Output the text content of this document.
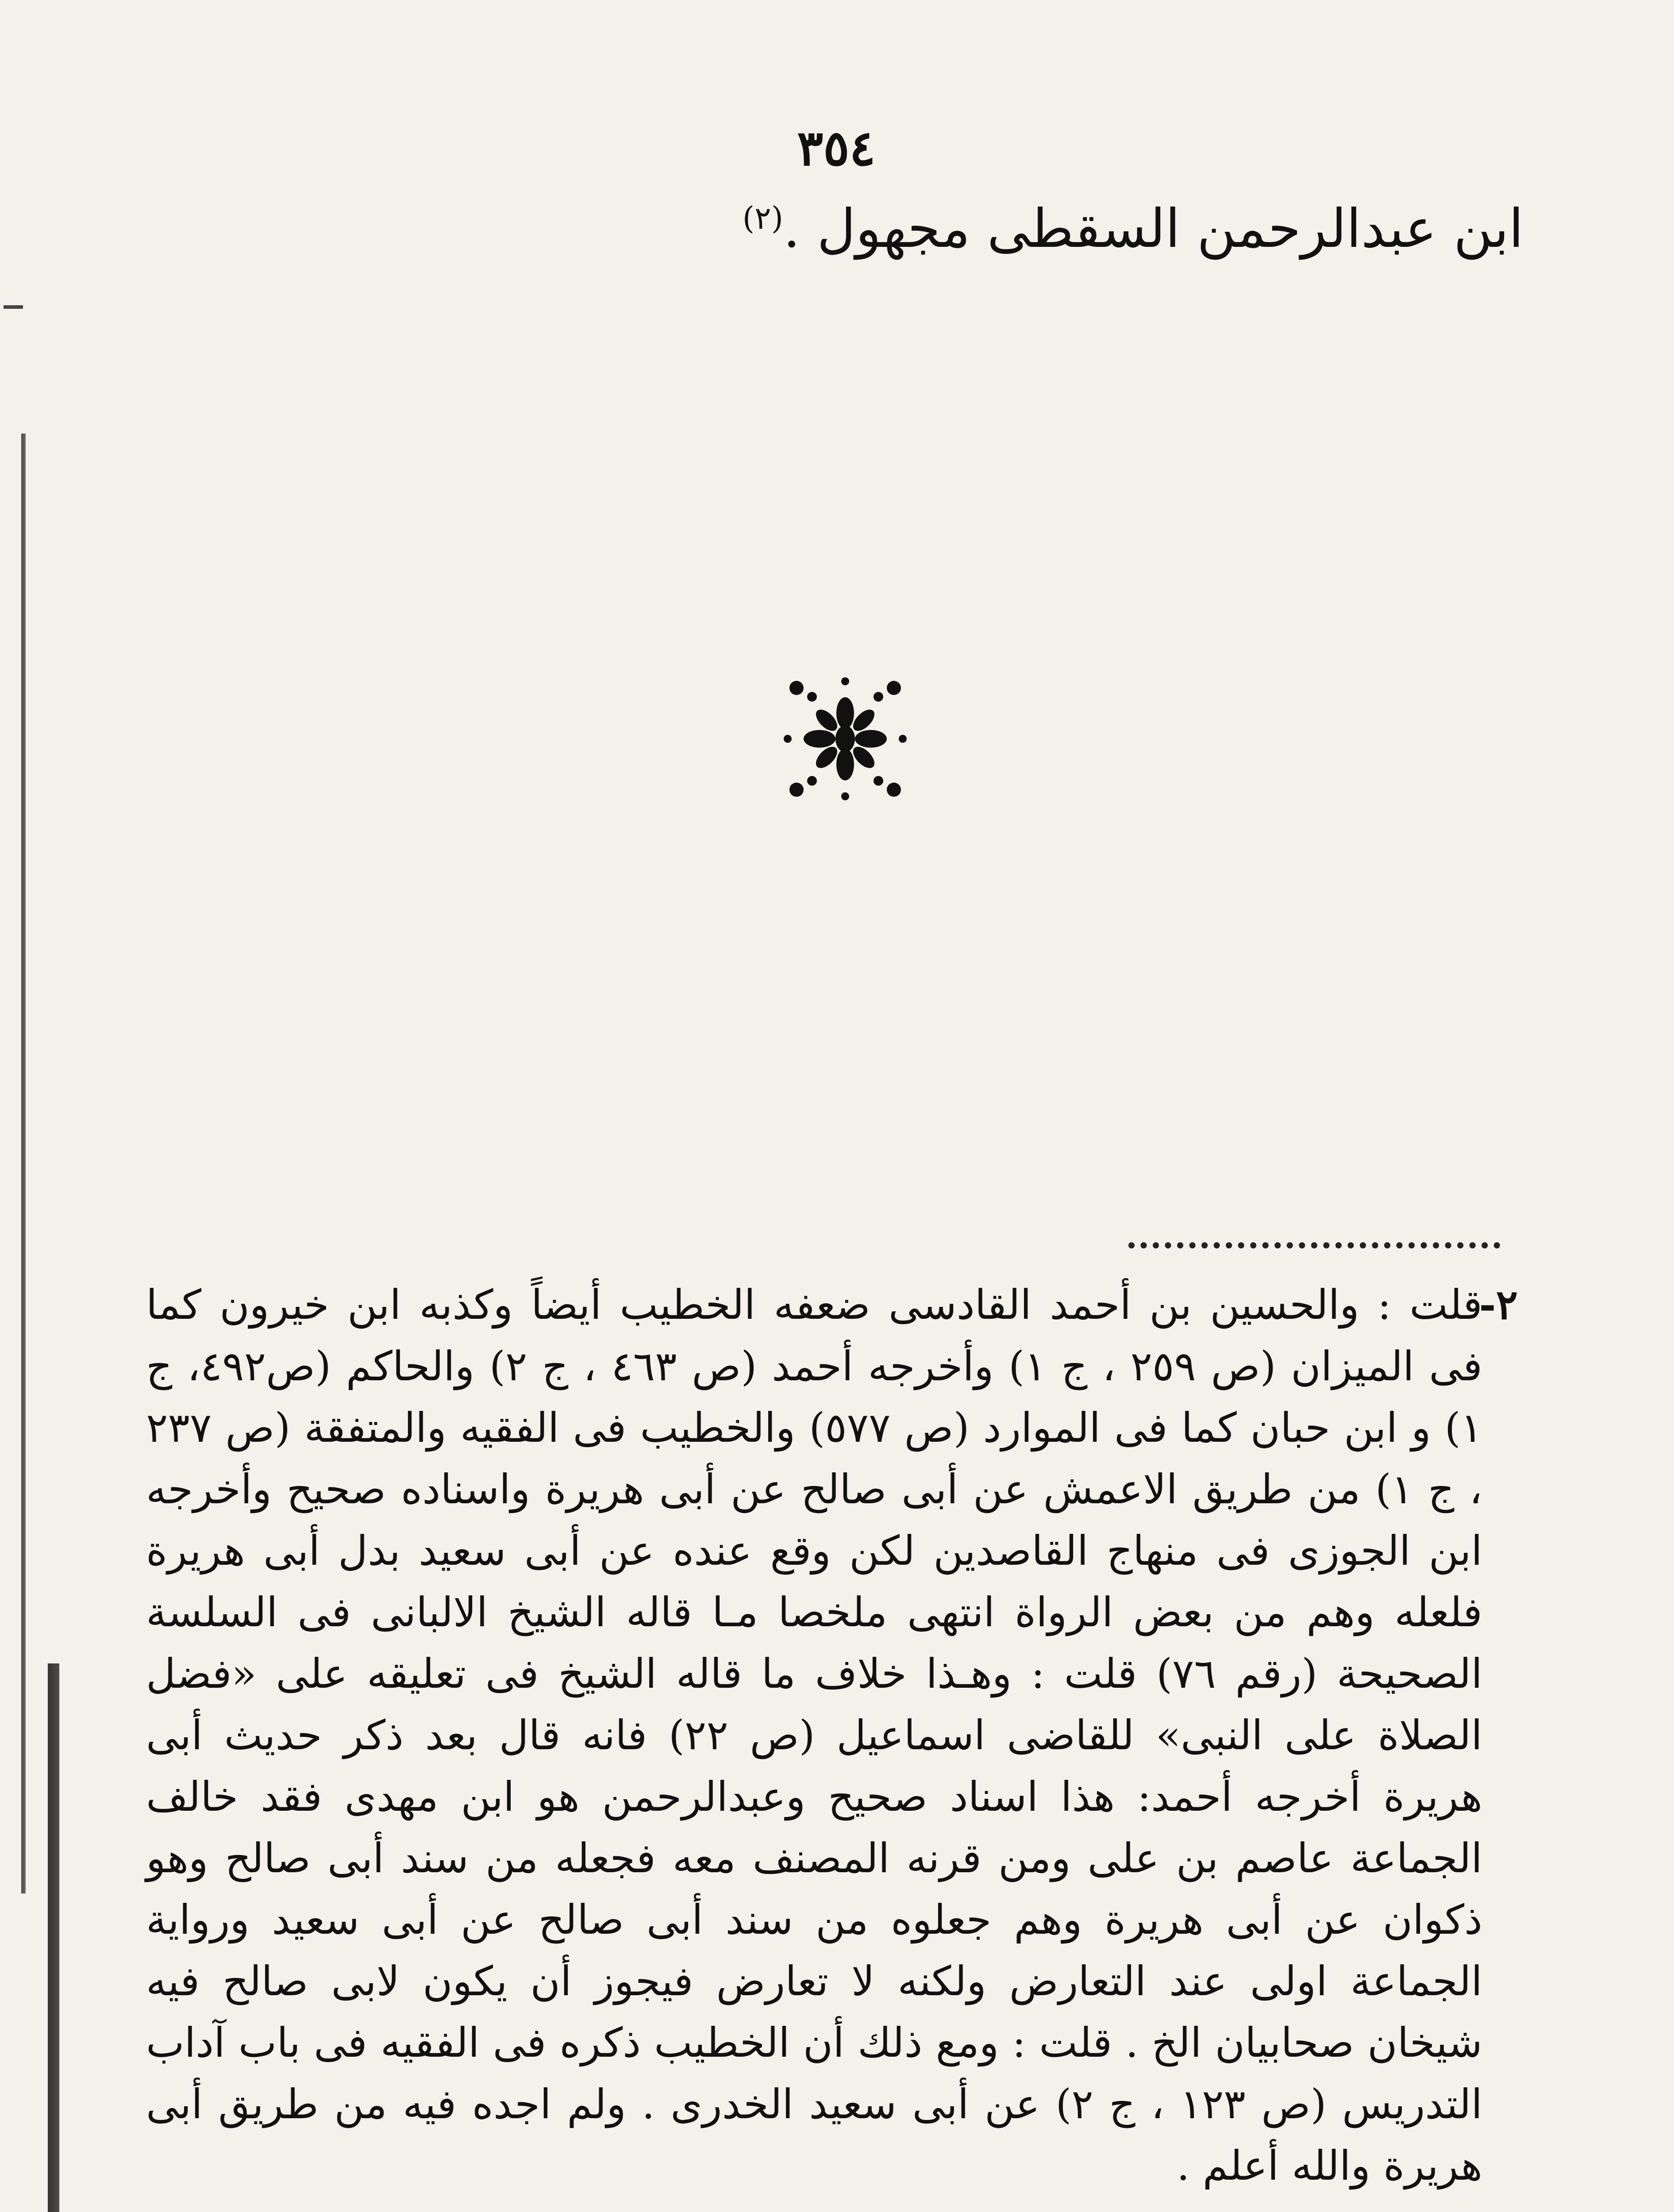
٣٥٤
ابن عبدالرحمن السقطى مجهول .$^{(٢)}$
٢-

قلت : والحسين بن أحمد القادسى ضعفه الخطيب أيضاً وكذبه ابن خيرون كما فى الميزان (ص ٢٥٩ ، ج ١) وأخرجه أحمد (ص ٤٦٣ ، ج ٢) والحاكم (ص٤٩٢، ج ١) و ابن حبان كما فى الموارد (ص ٥٧٧) والخطيب فى الفقيه والمتفقة (ص ٢٣٧ ، ج ١) من طريق الاعمش عن أبى صالح عن أبى هريرة واسناده صحيح وأخرجه ابن الجوزى فى منهاج القاصدين لكن وقع عنده عن أبى سعيد بدل أبى هريرة فلعله وهم من بعض الرواة انتهى ملخصا مـا قاله الشيخ الالبانى فى السلسة الصحيحة (رقم ٧٦) قلت : وهـذا خلاف ما قاله الشيخ فى تعليقه على «فضل الصلاة على النبى» للقاضى اسماعيل (ص ٢٢) فانه قال بعد ذكر حديث أبى هريرة أخرجه أحمد: هذا اسناد صحيح وعبدالرحمن هو ابن مهدى فقد خالف الجماعة عاصم بن على ومن قرنه المصنف معه فجعله من سند أبى صالح وهو ذكوان عن أبى هريرة وهم جعلوه من سند أبى صالح عن أبى سعيد ورواية الجماعة اولى عند التعارض ولكنه لا تعارض فيجوز أن يكون لابى صالح فيه شيخان صحابيان الخ . قلت : ومع ذلك أن الخطيب ذكره فى الفقيه فى باب آداب التدريس (ص ١٢٣ ، ج ٢) عن أبى سعيد الخدرى . ولم اجده فيه من طريق أبى هريرة والله أعلم .
